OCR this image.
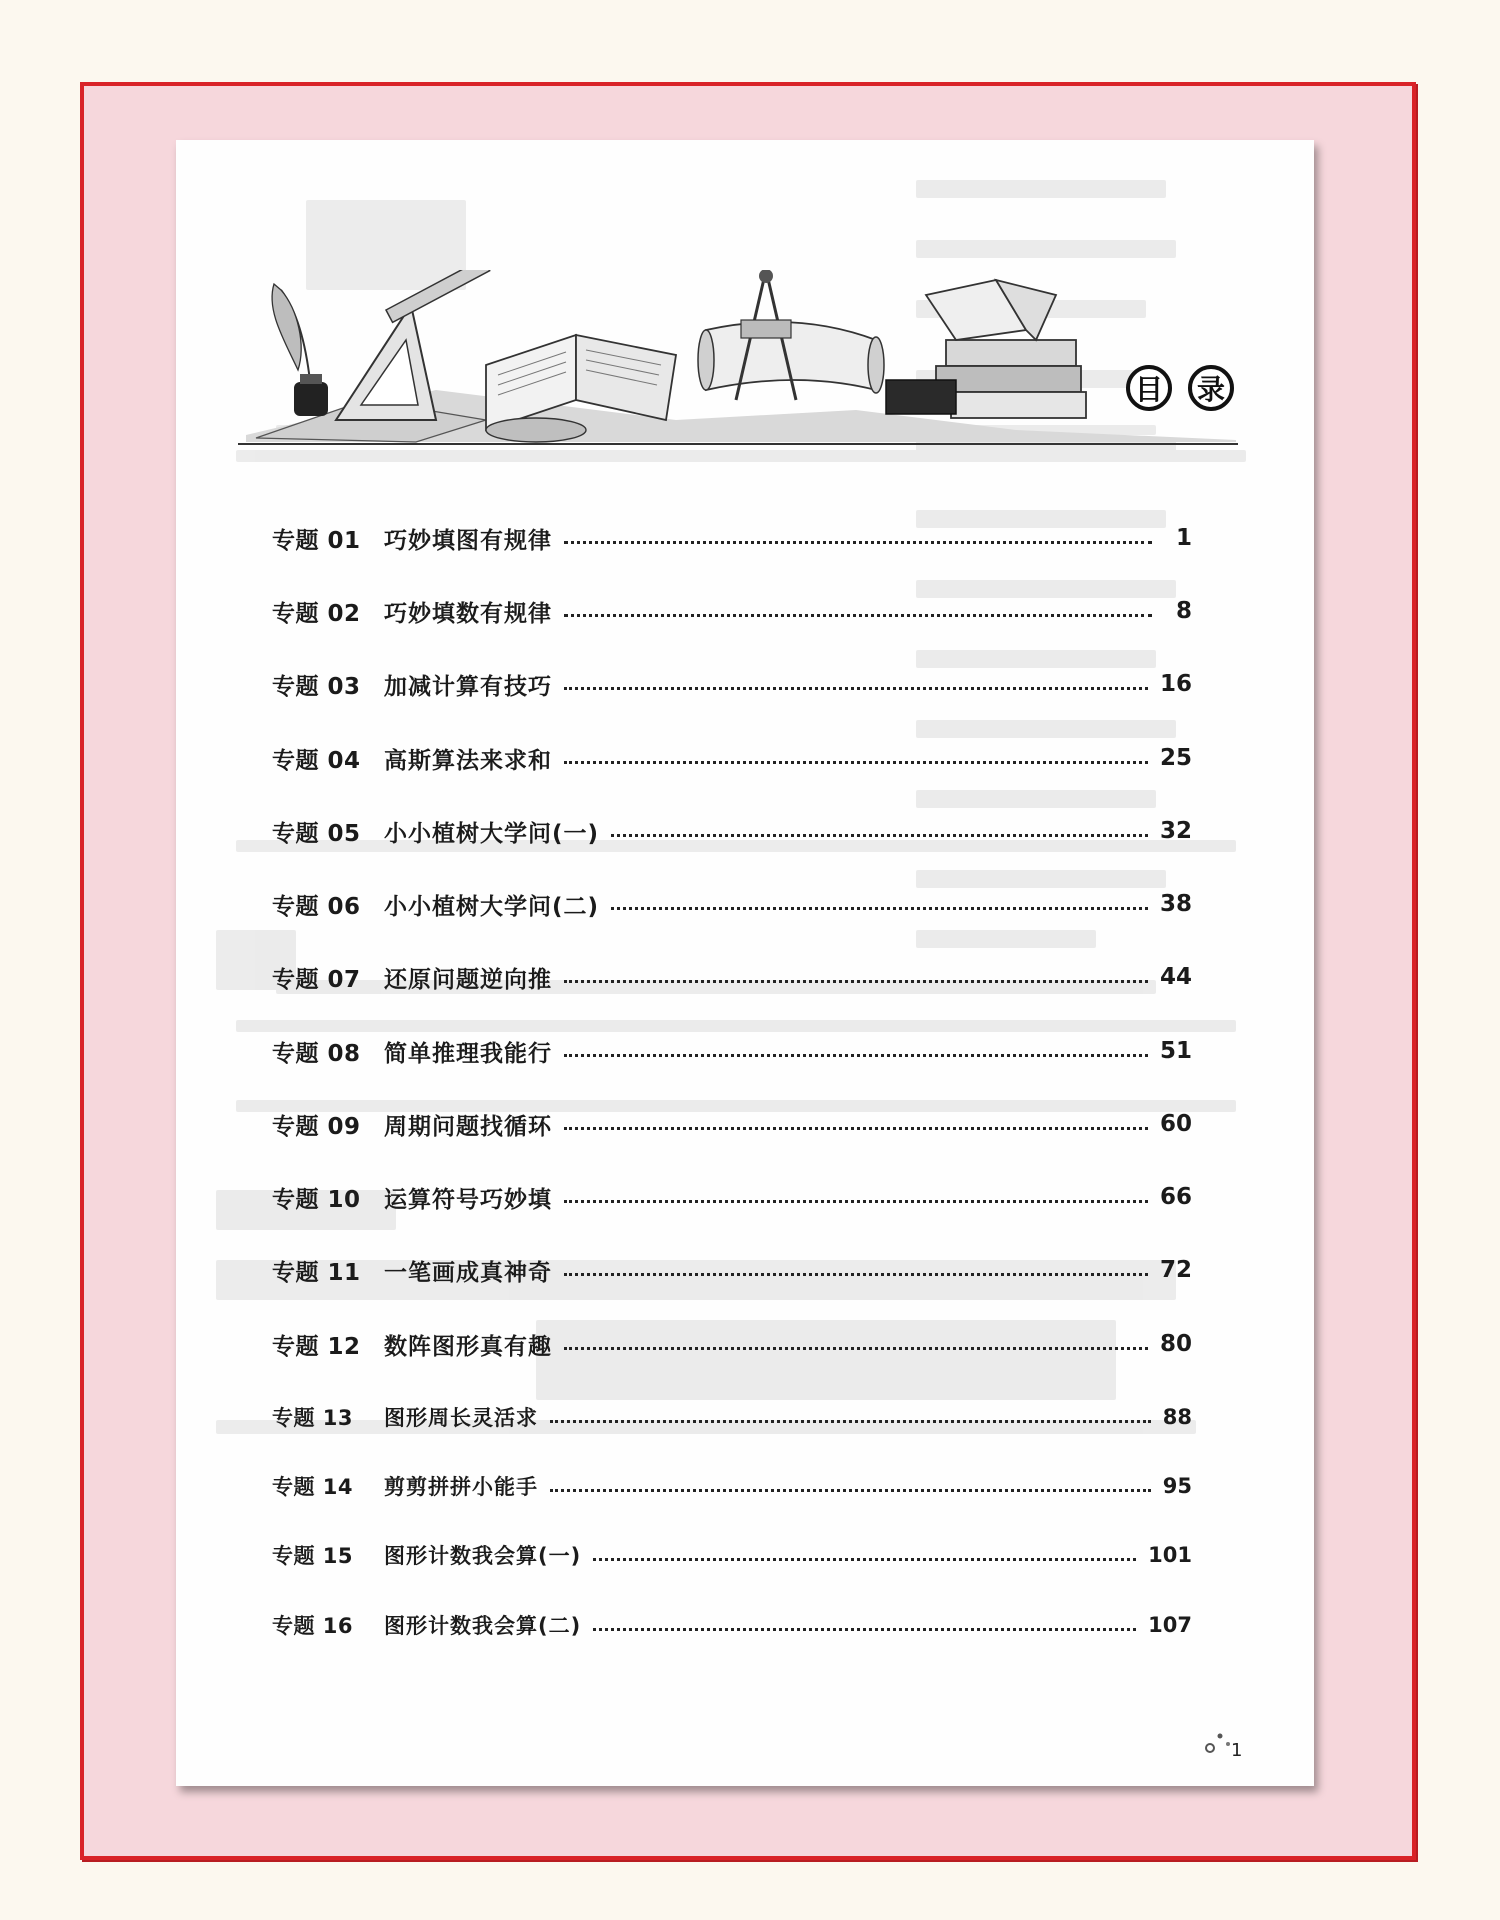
目	录
专题 01	巧妙填图有规律	1
专题 02	巧妙填数有规律	8
专题 03	加减计算有技巧	16
专题 04	高斯算法来求和	25
专题 05	小小植树大学问(一)	32
专题 06	小小植树大学问(二)	38
专题 07	还原问题逆向推	44
专题 08	简单推理我能行	51
专题 09	周期问题找循环	60
专题 10	运算符号巧妙填	66
专题 11	一笔画成真神奇	72
专题 12	数阵图形真有趣	80
专题 13	图形周长灵活求	88
专题 14	剪剪拼拼小能手	95
专题 15	图形计数我会算(一)	101
专题 16	图形计数我会算(二)	107
1
